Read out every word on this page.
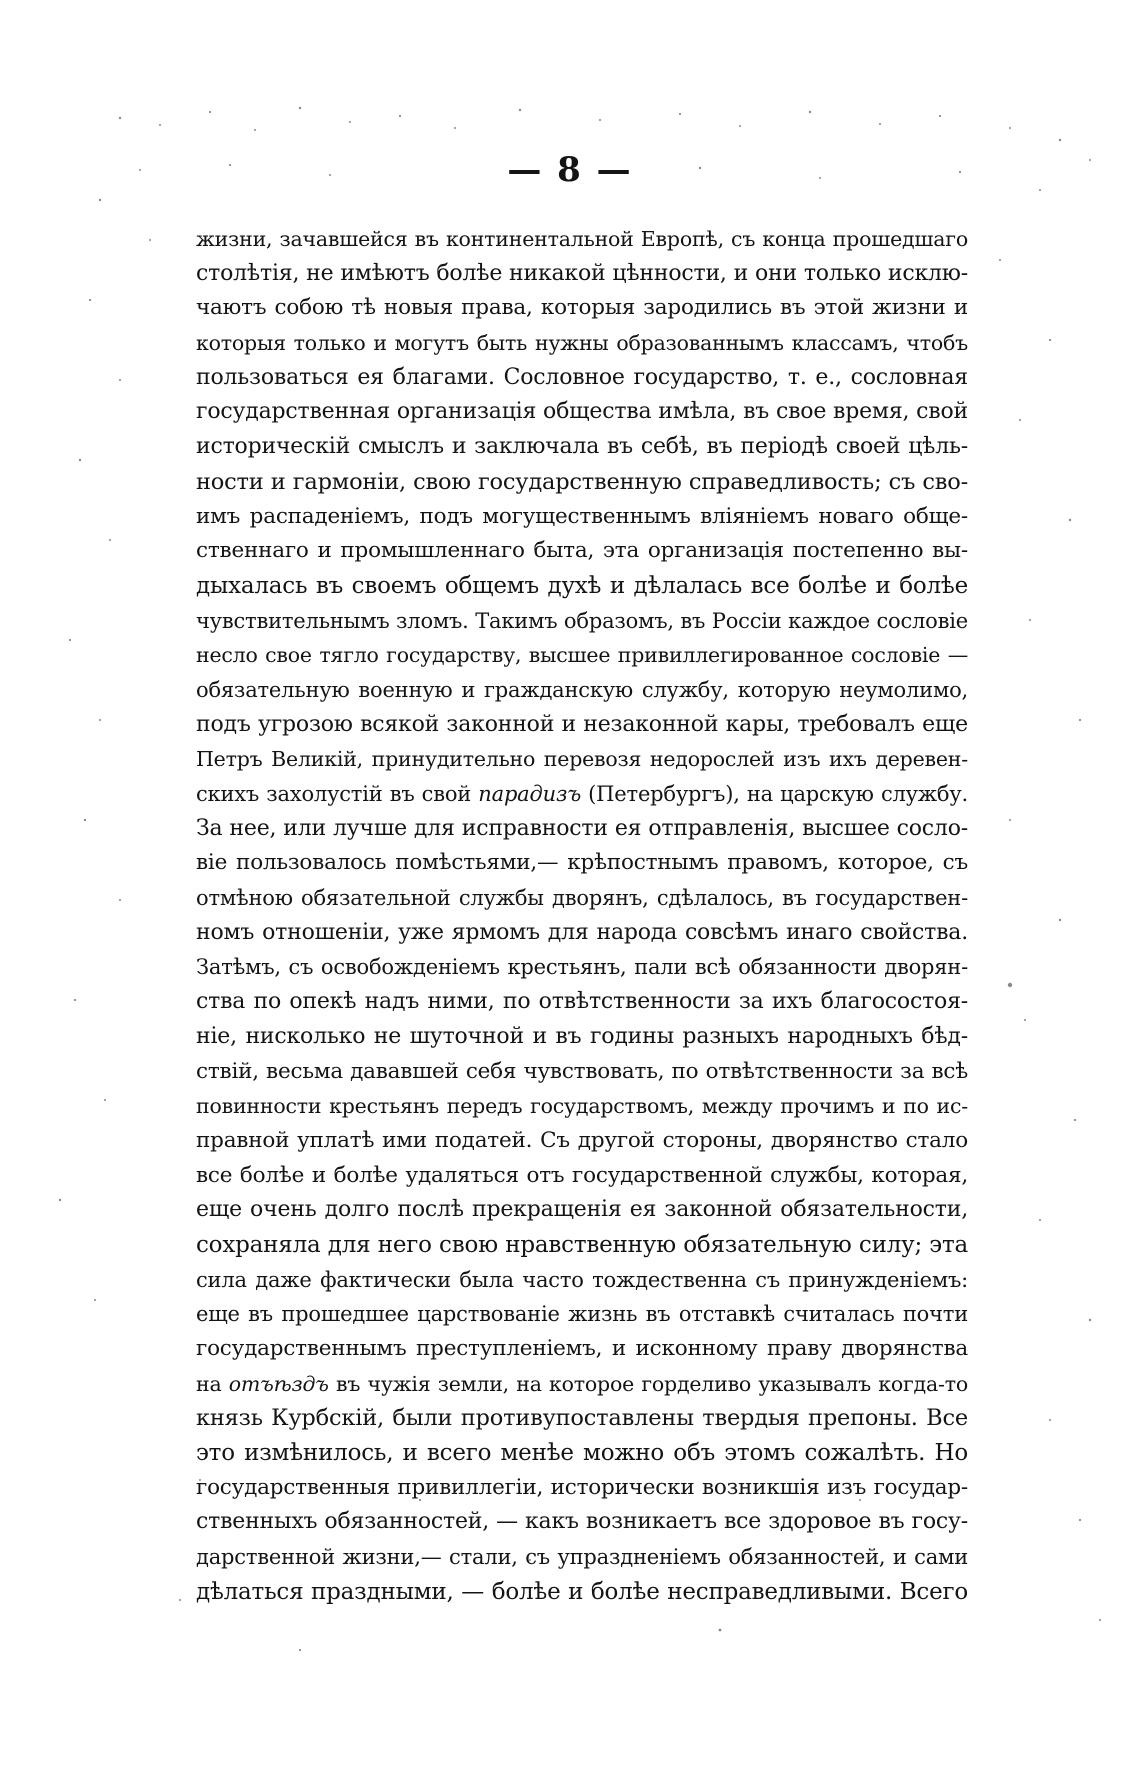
— 8 —
жизни, зачавшейся въ континентальной Европѣ, съ конца прошедшаго
столѣтія, не имѣютъ болѣе никакой цѣнности, и они только исклю-
чаютъ собою тѣ новыя права, которыя зародились въ этой жизни и
которыя только и могутъ быть нужны образованнымъ классамъ, чтобъ
пользоваться ея благами. Сословное государство, т. е., сословная
государственная организація общества имѣла, въ свое время, свой
историческій смыслъ и заключала въ себѣ, въ періодѣ своей цѣль-
ности и гармоніи, свою государственную справедливость; съ сво-
имъ распаденіемъ, подъ могущественнымъ вліяніемъ новаго обще-
ственнаго и промышленнаго быта, эта организація постепенно вы-
дыхалась въ своемъ общемъ духѣ и дѣлалась все болѣе и болѣе
чувствительнымъ зломъ. Такимъ образомъ, въ Россіи каждое сословіе
несло свое тягло государству, высшее привиллегированное сословіе —
обязательную военную и гражданскую службу, которую неумолимо,
подъ угрозою всякой законной и незаконной кары, требовалъ еще
Петръ Великій, принудительно перевозя недорослей изъ ихъ деревен-
скихъ захолустій въ свой парадизъ (Петербургъ), на царскую службу.
За нее, или лучше для исправности ея отправленія, высшее сосло-
віе пользовалось помѣстьями,— крѣпостнымъ правомъ, которое, съ
отмѣною обязательной службы дворянъ, сдѣлалось, въ государствен-
номъ отношеніи, уже ярмомъ для народа совсѣмъ инаго свойства.
Затѣмъ, съ освобожденіемъ крестьянъ, пали всѣ обязанности дворян-
ства по опекѣ надъ ними, по отвѣтственности за ихъ благосостоя-
ніе, нисколько не шуточной и въ годины разныхъ народныхъ бѣд-
ствій, весьма дававшей себя чувствовать, по отвѣтственности за всѣ
повинности крестьянъ передъ государствомъ, между прочимъ и по ис-
правной уплатѣ ими податей. Съ другой стороны, дворянство стало
все болѣе и болѣе удаляться отъ государственной службы, которая,
еще очень долго послѣ прекращенія ея законной обязательности,
сохраняла для него свою нравственную обязательную силу; эта
сила даже фактически была часто тождественна съ принужденіемъ:
еще въ прошедшее царствованіе жизнь въ отставкѣ считалась почти
государственнымъ преступленіемъ, и исконному праву дворянства
на отъѣздъ въ чужія земли, на которое горделиво указывалъ когда-то
князь Курбскій, были противупоставлены твердыя препоны. Все
это измѣнилось, и всего менѣе можно объ этомъ сожалѣть. Но
государственныя привиллегіи, исторически возникшія изъ государ-
ственныхъ обязанностей, — какъ возникаетъ все здоровое въ госу-
дарственной жизни,— стали, съ упраздненіемъ обязанностей, и сами
дѣлаться праздными, — болѣе и болѣе несправедливыми. Всего
